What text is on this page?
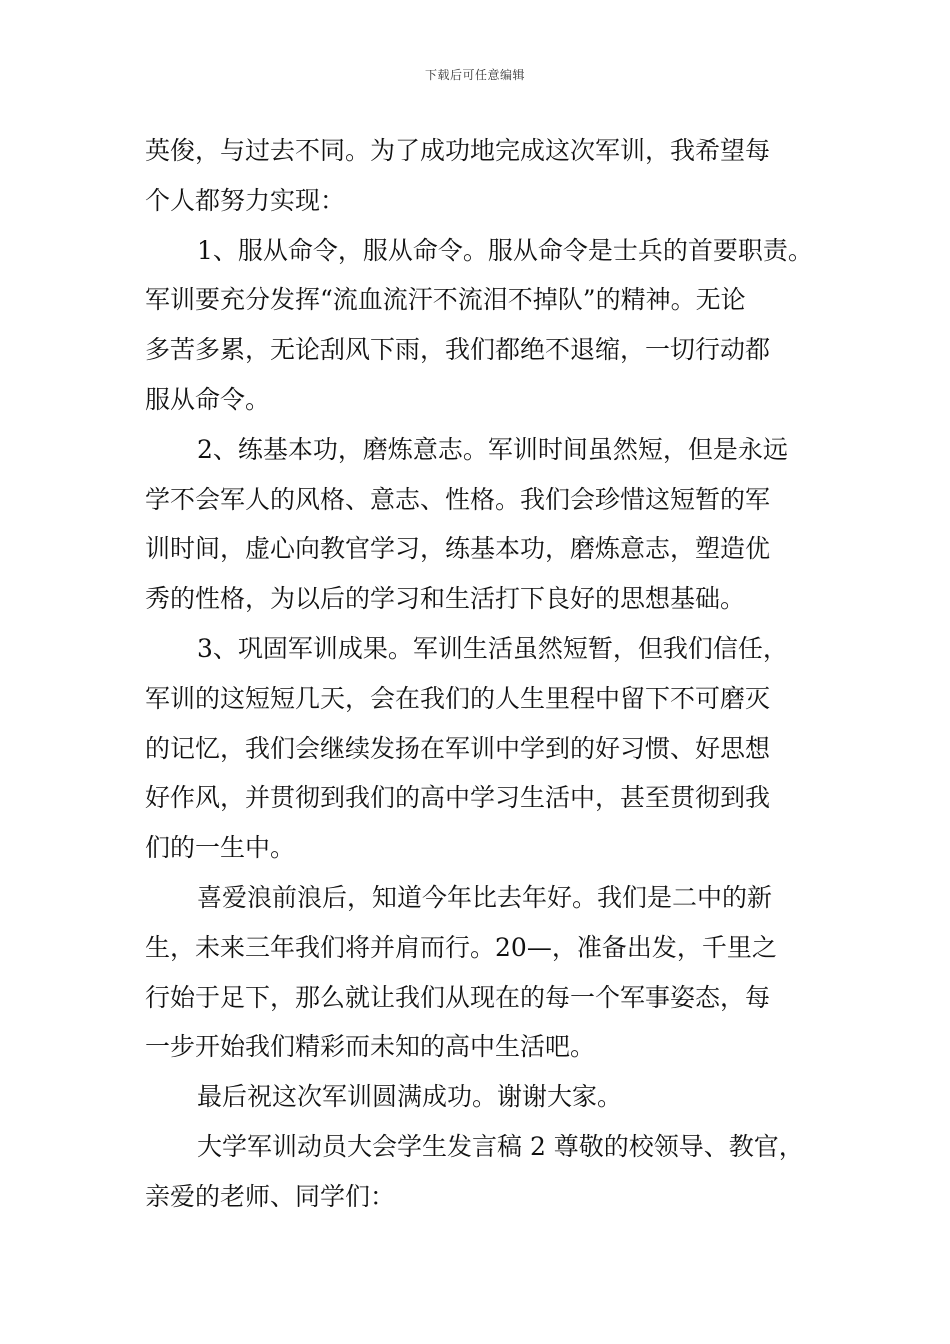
下载后可任意编辑
英俊，与过去不同。为了成功地完成这次军训，我希望每
个人都努力实现：
1、服从命令，服从命令。服从命令是士兵的首要职责。
军训要充分发挥“流血流汗不流泪不掉队”的精神。无论
多苦多累，无论刮风下雨，我们都绝不退缩，一切行动都
服从命令。
2、练基本功，磨炼意志。军训时间虽然短，但是永远
学不会军人的风格、意志、性格。我们会珍惜这短暂的军
训时间，虚心向教官学习，练基本功，磨炼意志，塑造优
秀的性格，为以后的学习和生活打下良好的思想基础。
3、巩固军训成果。军训生活虽然短暂，但我们信任，
军训的这短短几天，会在我们的人生里程中留下不可磨灭
的记忆，我们会继续发扬在军训中学到的好习惯、好思想
好作风，并贯彻到我们的高中学习生活中，甚至贯彻到我
们的一生中。
喜爱浪前浪后，知道今年比去年好。我们是二中的新
生，未来三年我们将并肩而行。20—，准备出发，千里之
行始于足下，那么就让我们从现在的每一个军事姿态，每
一步开始我们精彩而未知的高中生活吧。
最后祝这次军训圆满成功。谢谢大家。
大学军训动员大会学生发言稿 2 尊敬的校领导、教官，
亲爱的老师、同学们：
